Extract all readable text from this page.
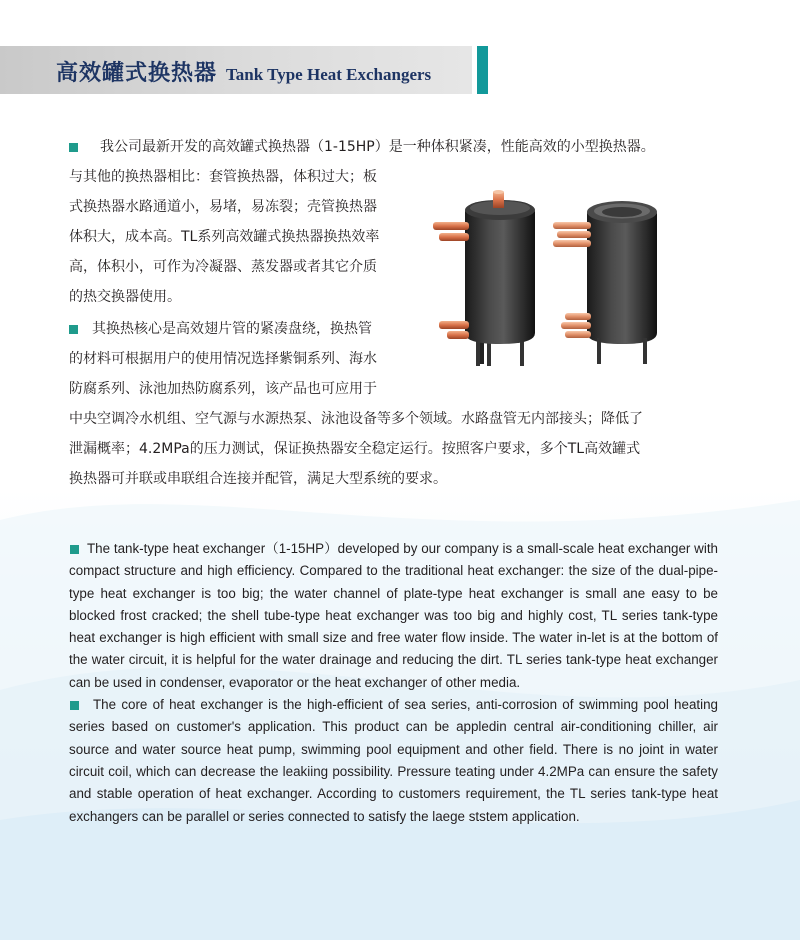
高效罐式换热器 Tank Type Heat Exchangers
我公司最新开发的高效罐式换热器（1-15HP）是一种体积紧凑，性能高效的小型换热器。
与其他的换热器相比：套管换热器，体积过大；板
式换热器水路通道小，易堵，易冻裂；壳管换热器
体积大，成本高。TL系列高效罐式换热器换热效率
高，体积小，可作为冷凝器、蒸发器或者其它介质
的热交换器使用。
其换热核心是高效翅片管的紧凑盘绕，换热管
的材料可根据用户的使用情况选择紫铜系列、海水
防腐系列、泳池加热防腐系列，该产品也可应用于
中央空调冷水机组、空气源与水源热泵、泳池设备等多个领域。水路盘管无内部接头；降低了
泄漏概率；4.2MPa的压力测试，保证换热器安全稳定运行。按照客户要求，多个TL高效罐式
换热器可并联或串联组合连接并配管，满足大型系统的要求。

The tank-type heat exchanger（1-15HP）developed by our company is a small-scale heat exchanger with compact structure and high efficiency. Compared to the traditional heat exchanger: the size of the dual-pipe-type heat exchanger is too big; the water channel of plate-type heat exchanger is small ane easy to be blocked frost cracked; the shell tube-type heat exchanger was too big and highly cost, TL series tank-type heat exchanger is high efficient with small size and free water flow inside. The water in-let is at the bottom of the water circuit, it is helpful for the water drainage and reducing the dirt. TL series tank-type heat exchanger can be used in condenser, evaporator or the heat exchanger of other media.

The core of heat exchanger is the high-efficient of sea series, anti-corrosion of swimming pool heating series based on customer's application. This product can be appledin central air-conditioning chiller, air source and water source heat pump, swimming pool equipment and other field. There is no joint in water circuit coil, which can decrease the leakiing possibility. Pressure teating under 4.2MPa can ensure the safety and stable operation of heat exchanger. According to customers requirement, the TL series tank-type heat exchangers can be parallel or series connected to satisfy the laege ststem application.
